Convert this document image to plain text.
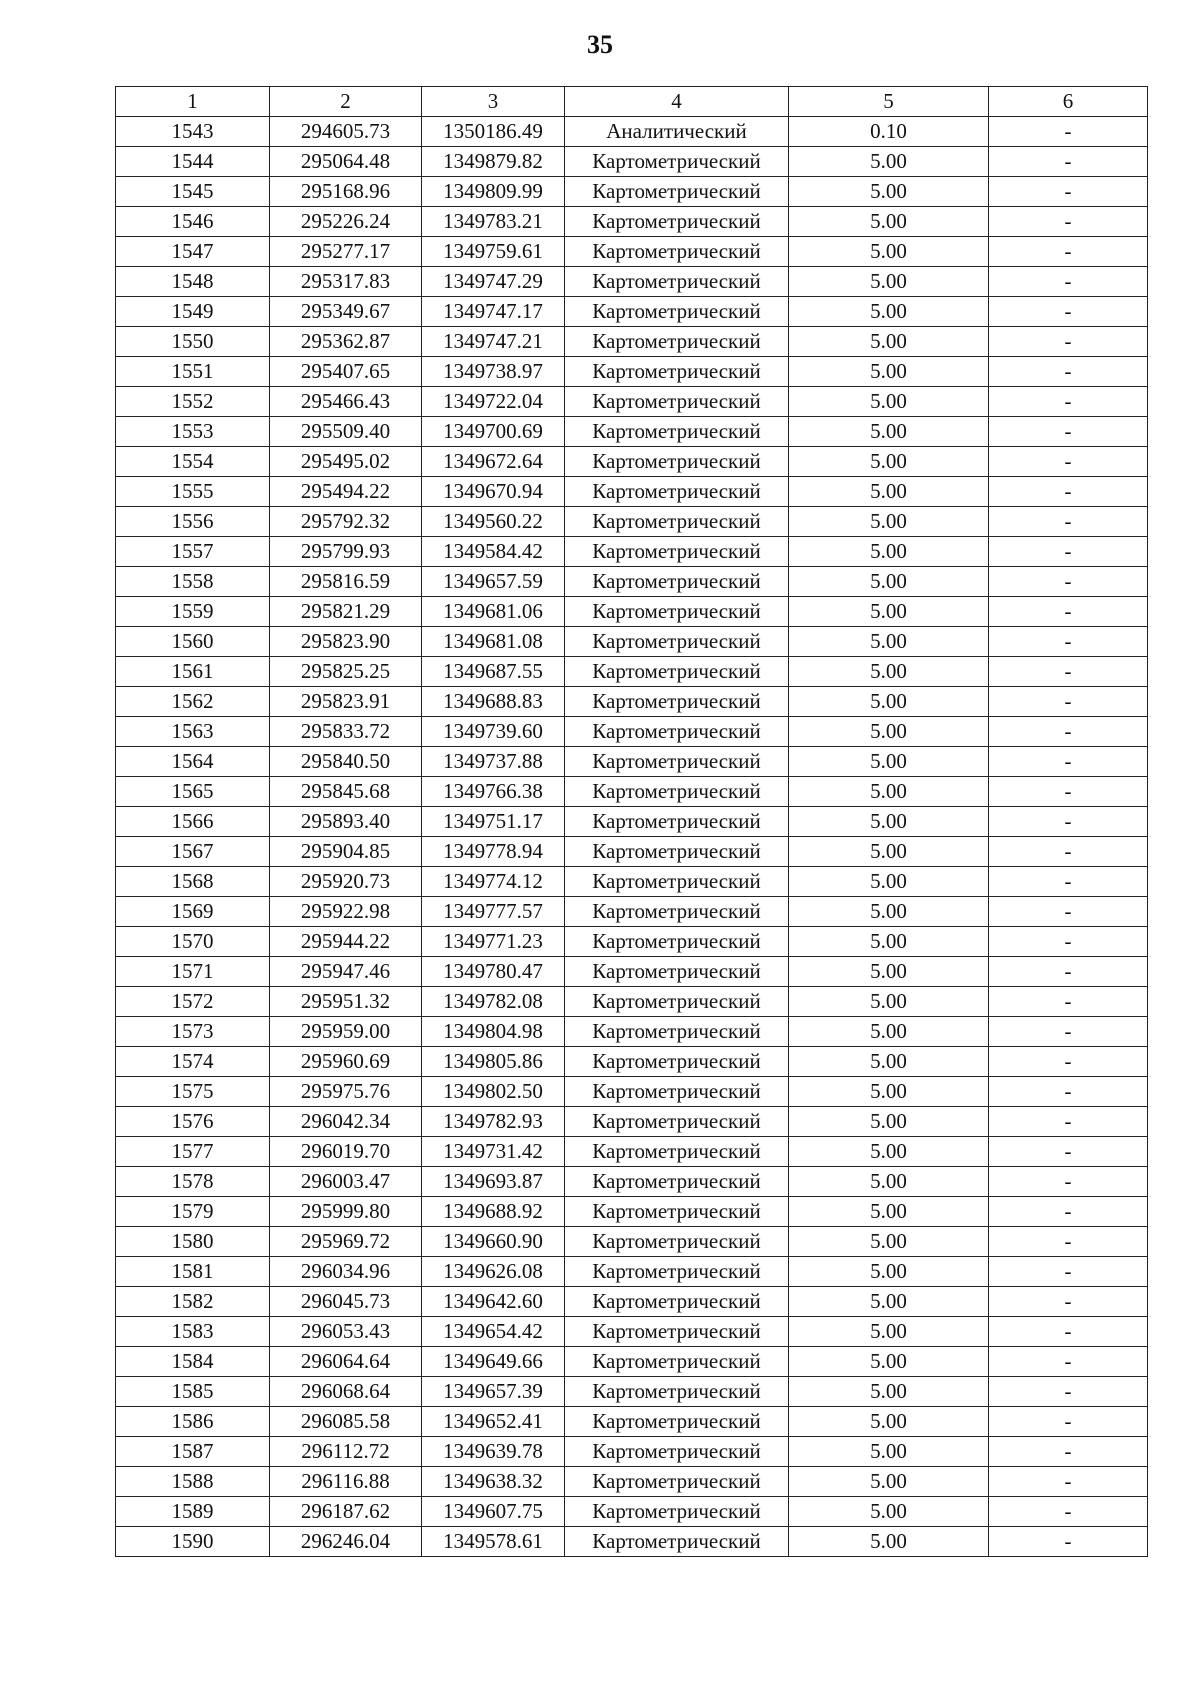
35
1	2	3	4	5	6
1543	294605.73	1350186.49	Аналитический	0.10	-
1544	295064.48	1349879.82	Картометрический	5.00	-
1545	295168.96	1349809.99	Картометрический	5.00	-
1546	295226.24	1349783.21	Картометрический	5.00	-
1547	295277.17	1349759.61	Картометрический	5.00	-
1548	295317.83	1349747.29	Картометрический	5.00	-
1549	295349.67	1349747.17	Картометрический	5.00	-
1550	295362.87	1349747.21	Картометрический	5.00	-
1551	295407.65	1349738.97	Картометрический	5.00	-
1552	295466.43	1349722.04	Картометрический	5.00	-
1553	295509.40	1349700.69	Картометрический	5.00	-
1554	295495.02	1349672.64	Картометрический	5.00	-
1555	295494.22	1349670.94	Картометрический	5.00	-
1556	295792.32	1349560.22	Картометрический	5.00	-
1557	295799.93	1349584.42	Картометрический	5.00	-
1558	295816.59	1349657.59	Картометрический	5.00	-
1559	295821.29	1349681.06	Картометрический	5.00	-
1560	295823.90	1349681.08	Картометрический	5.00	-
1561	295825.25	1349687.55	Картометрический	5.00	-
1562	295823.91	1349688.83	Картометрический	5.00	-
1563	295833.72	1349739.60	Картометрический	5.00	-
1564	295840.50	1349737.88	Картометрический	5.00	-
1565	295845.68	1349766.38	Картометрический	5.00	-
1566	295893.40	1349751.17	Картометрический	5.00	-
1567	295904.85	1349778.94	Картометрический	5.00	-
1568	295920.73	1349774.12	Картометрический	5.00	-
1569	295922.98	1349777.57	Картометрический	5.00	-
1570	295944.22	1349771.23	Картометрический	5.00	-
1571	295947.46	1349780.47	Картометрический	5.00	-
1572	295951.32	1349782.08	Картометрический	5.00	-
1573	295959.00	1349804.98	Картометрический	5.00	-
1574	295960.69	1349805.86	Картометрический	5.00	-
1575	295975.76	1349802.50	Картометрический	5.00	-
1576	296042.34	1349782.93	Картометрический	5.00	-
1577	296019.70	1349731.42	Картометрический	5.00	-
1578	296003.47	1349693.87	Картометрический	5.00	-
1579	295999.80	1349688.92	Картометрический	5.00	-
1580	295969.72	1349660.90	Картометрический	5.00	-
1581	296034.96	1349626.08	Картометрический	5.00	-
1582	296045.73	1349642.60	Картометрический	5.00	-
1583	296053.43	1349654.42	Картометрический	5.00	-
1584	296064.64	1349649.66	Картометрический	5.00	-
1585	296068.64	1349657.39	Картометрический	5.00	-
1586	296085.58	1349652.41	Картометрический	5.00	-
1587	296112.72	1349639.78	Картометрический	5.00	-
1588	296116.88	1349638.32	Картометрический	5.00	-
1589	296187.62	1349607.75	Картометрический	5.00	-
1590	296246.04	1349578.61	Картометрический	5.00	-
